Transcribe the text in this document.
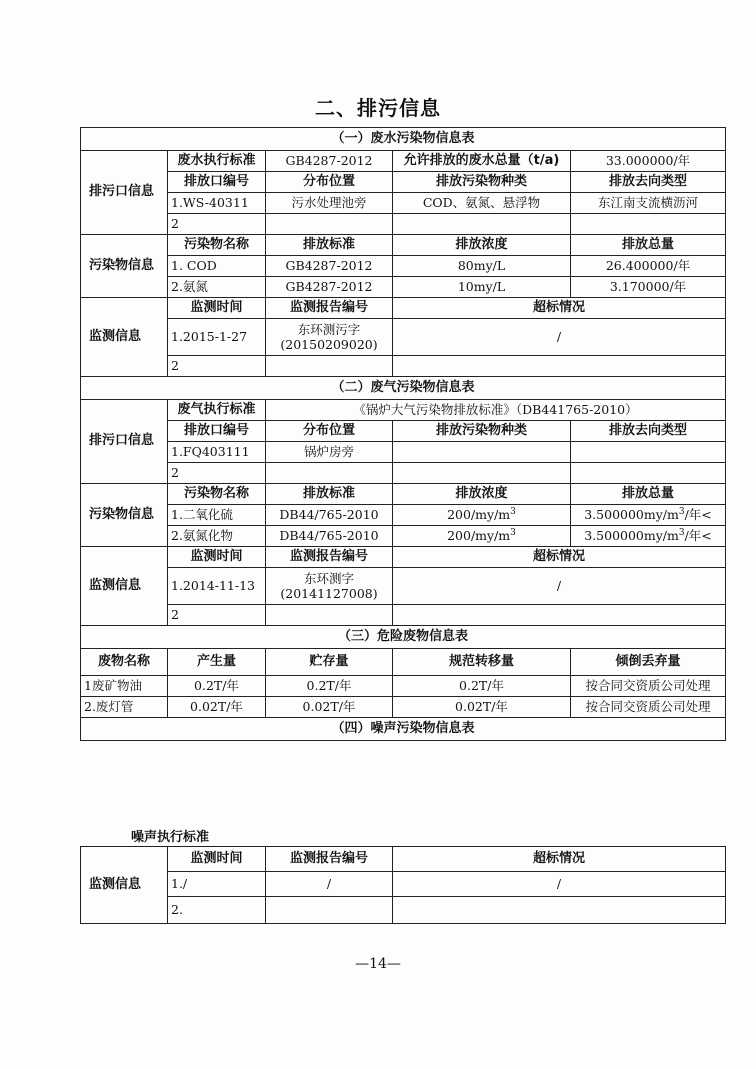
二、排污信息
（一）废水污染物信息表				
排污口信息	废水执行标准	GB4287-2012	允许排放的废水总量（t/a)	33.000000/年
	排放口编号	分布位置	排放污染物种类	排放去向类型
	1.WS-40311	污水处理池旁	COD、氨氮、悬浮物	东江南支流横沥河
	2			
污染物信息	污染物名称	排放标准	排放浓度	排放总量
	1. COD	GB4287-2012	80my/L	26.400000/年
	2.氨氮	GB4287-2012	10my/L	3.170000/年
监测信息	监测时间	监测报告编号	超标情况	
	1.2015-1-27	东环测污字 (20150209020)	/	
	2			
（二）废气污染物信息表				
排污口信息	废气执行标准	《锅炉大气污染物排放标准》（DB441765-2010）		
	排放口编号	分布位置	排放污染物种类	排放去向类型
	1.FQ403111	锅炉房旁		
	2			
污染物信息	污染物名称	排放标准	排放浓度	排放总量
	1.二氧化硫	DB44/765-2010	$200/my/m^3$	$3.500000my/m^3/$年<
	2.氨氮化物	DB44/765-2010	$200/my/m^3$	$3.500000my/m^3/$年<
监测信息	监测时间	监测报告编号	超标情况	
	1.2014-11-13	东环测字 (20141127008)	/	
	2			
（三）危险废物信息表				
废物名称	产生量	贮存量	规范转移量	倾倒丢弃量
1废矿物油	0.2T/年	0.2T/年	0.2T/年	按合同交资质公司处理
2.废灯管	0.02T/年	0.02T/年	0.02T/年	按合同交资质公司处理
（四）噪声污染物信息表				
噪声执行标准
监测信息	监测时间	监测报告编号	超标情况
	1./	/	/
	2.		
—14—
